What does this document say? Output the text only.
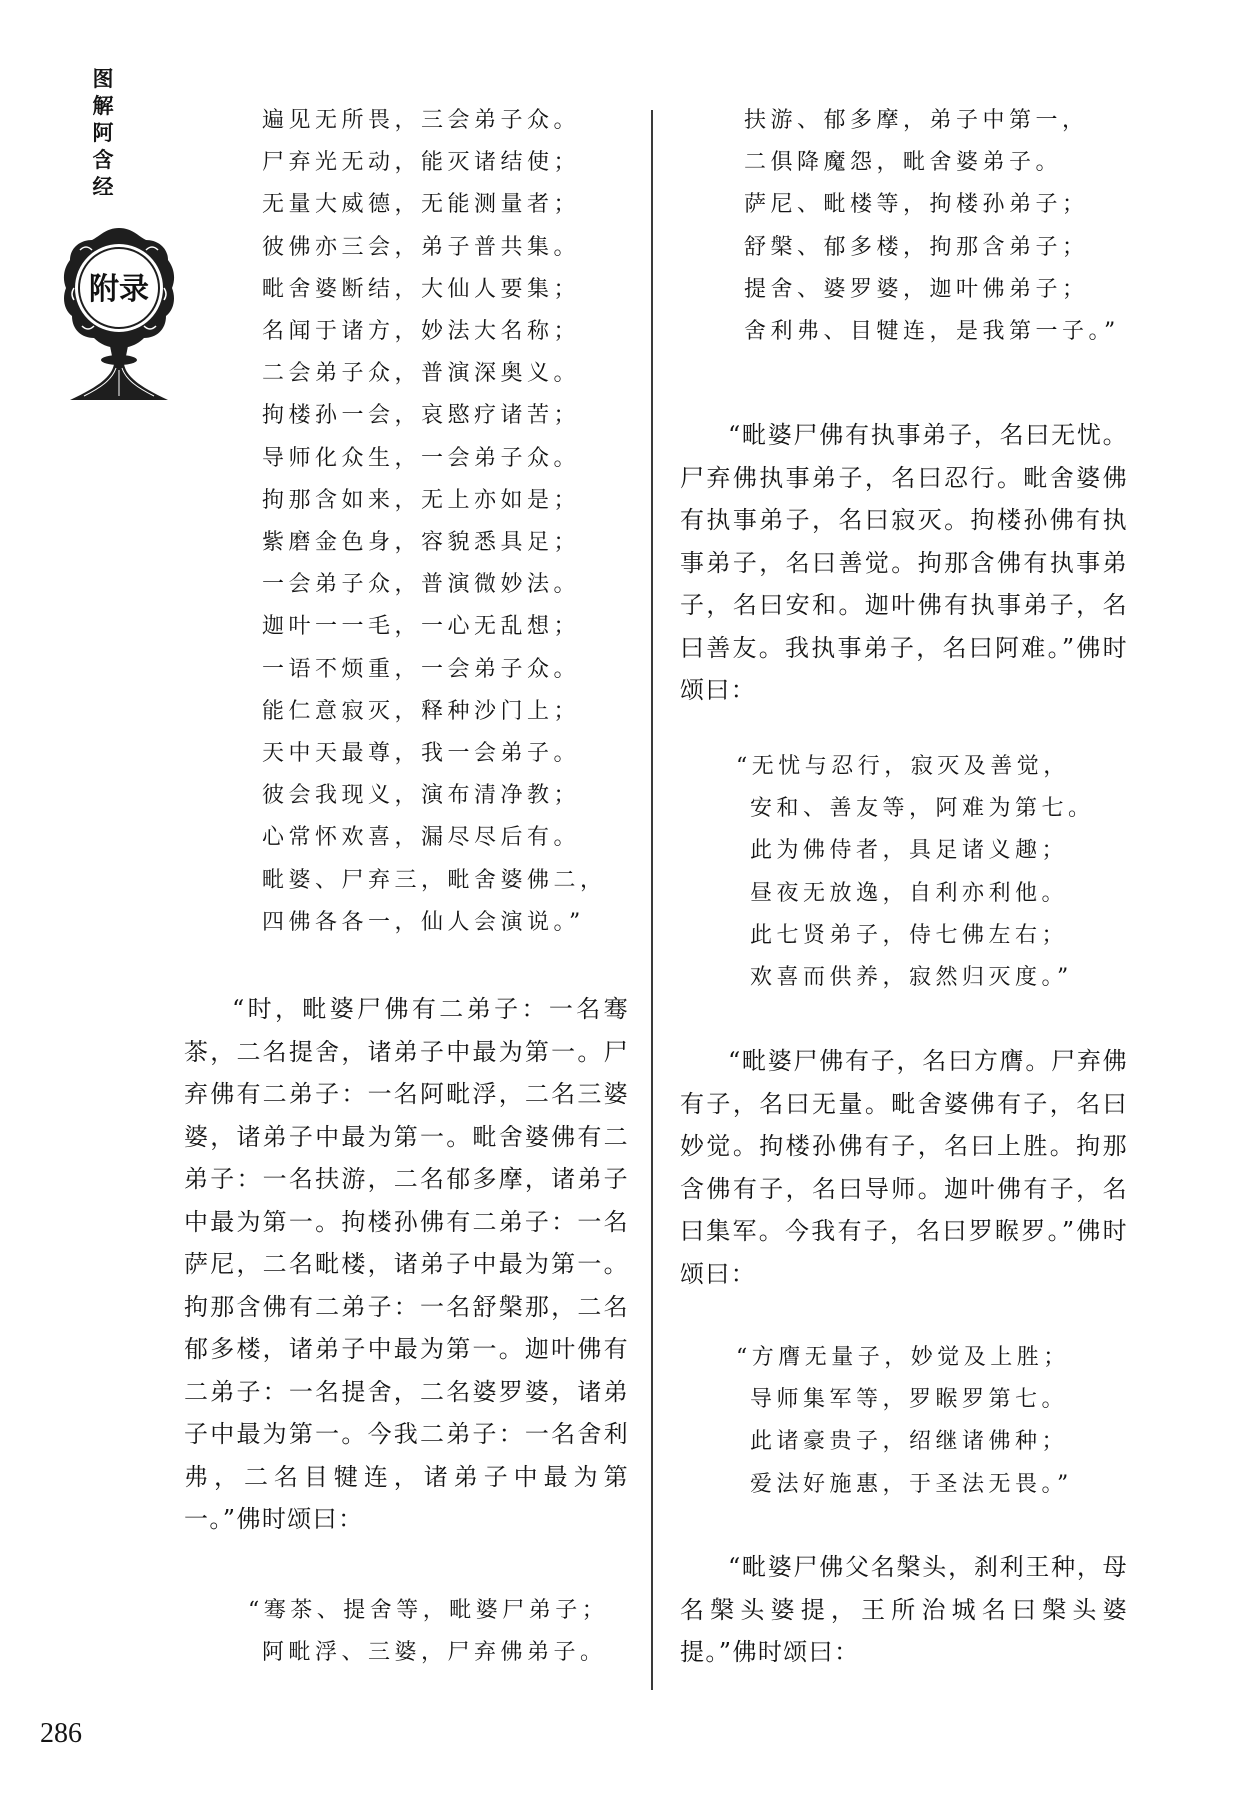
图
解
阿
含
经
附录
遍见无所畏，三会弟子众。
尸弃光无动，能灭诸结使；
无量大威德，无能测量者；
彼佛亦三会，弟子普共集。
毗舍婆断结，大仙人要集；
名闻于诸方，妙法大名称；
二会弟子众，普演深奥义。
拘楼孙一会，哀愍疗诸苦；
导师化众生，一会弟子众。
拘那含如来，无上亦如是；
紫磨金色身，容貌悉具足；
一会弟子众，普演微妙法。
迦叶一一毛，一心无乱想；
一语不烦重，一会弟子众。
能仁意寂灭，释种沙门上；
天中天最尊，我一会弟子。
彼会我现义，演布清净教；
心常怀欢喜，漏尽尽后有。
毗婆、尸弃三，毗舍婆佛二，
四佛各各一，仙人会演说。”

“时，毗婆尸佛有二弟子：一名骞茶，二名提舍，诸弟子中最为第一。尸弃佛有二弟子：一名阿毗浮，二名三婆婆，诸弟子中最为第一。毗舍婆佛有二弟子：一名扶游，二名郁多摩，诸弟子中最为第一。拘楼孙佛有二弟子：一名萨尼，二名毗楼，诸弟子中最为第一。拘那含佛有二弟子：一名舒槃那，二名郁多楼，诸弟子中最为第一。迦叶佛有二弟子：一名提舍，二名婆罗婆，诸弟子中最为第一。今我二弟子：一名舍利弗，二名目犍连，诸弟子中最为第一。”佛时颂曰：

“骞茶、提舍等，毗婆尸弟子；
阿毗浮、三婆，尸弃佛弟子。
扶游、郁多摩，弟子中第一，
二俱降魔怨，毗舍婆弟子。
萨尼、毗楼等，拘楼孙弟子；
舒槃、郁多楼，拘那含弟子；
提舍、婆罗婆，迦叶佛弟子；
舍利弗、目犍连，是我第一子。”

“毗婆尸佛有执事弟子，名曰无忧。尸弃佛执事弟子，名曰忍行。毗舍婆佛有执事弟子，名曰寂灭。拘楼孙佛有执事弟子，名曰善觉。拘那含佛有执事弟子，名曰安和。迦叶佛有执事弟子，名曰善友。我执事弟子，名曰阿难。”佛时颂曰：

“无忧与忍行，寂灭及善觉，
安和、善友等，阿难为第七。
此为佛侍者，具足诸义趣；
昼夜无放逸，自利亦利他。
此七贤弟子，侍七佛左右；
欢喜而供养，寂然归灭度。”

“毗婆尸佛有子，名曰方膺。尸弃佛有子，名曰无量。毗舍婆佛有子，名曰妙觉。拘楼孙佛有子，名曰上胜。拘那含佛有子，名曰导师。迦叶佛有子，名曰集军。今我有子，名曰罗睺罗。”佛时颂曰：

“方膺无量子，妙觉及上胜；
导师集军等，罗睺罗第七。
此诸豪贵子，绍继诸佛种；
爱法好施惠，于圣法无畏。”

“毗婆尸佛父名槃头，刹利王种，母名槃头婆提，王所治城名曰槃头婆提。”佛时颂曰：

286
